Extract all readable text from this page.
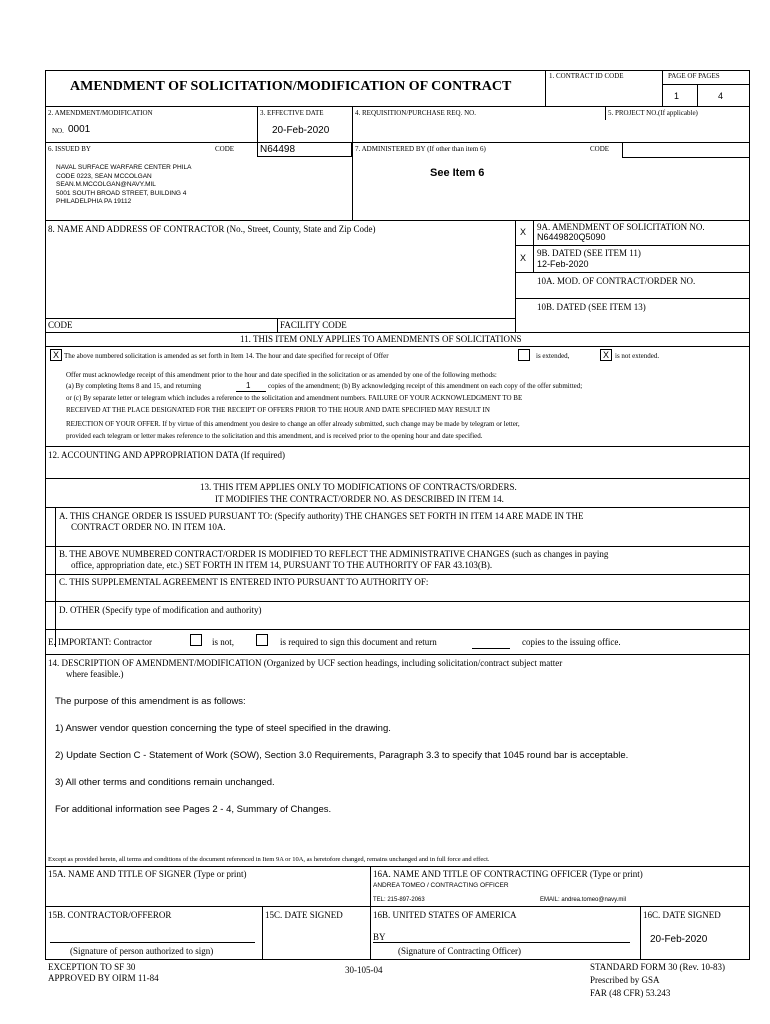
AMENDMENT OF SOLICITATION/MODIFICATION OF CONTRACT
1. CONTRACT ID CODE	PAGE OF PAGES
1	4
2. AMENDMENT/MODIFICATION
NO. 0001
3. EFFECTIVE DATE
20-Feb-2020
4. REQUISITION/PURCHASE REQ. NO.	5. PROJECT NO.(If applicable)
6. ISSUED BY	CODE	N64498	7. ADMINISTERED BY (If other than item 6)	CODE
NAVAL SURFACE WARFARE CENTER PHILA
CODE 0223, SEAN MCCOLGAN
SEAN.M.MCCOLGAN@NAVY.MIL
5001 SOUTH BROAD STREET, BUILDING 4
PHILADELPHIA PA 19112
See Item 6
8. NAME AND ADDRESS OF CONTRACTOR (No., Street, County, State and Zip Code)	X 9A. AMENDMENT OF SOLICITATION NO.
N6449820Q5090
X 9B. DATED (SEE ITEM 11)
12-Feb-2020
10A. MOD. OF CONTRACT/ORDER NO.
10B. DATED (SEE ITEM 13)
CODE	FACILITY CODE
11. THIS ITEM ONLY APPLIES TO AMENDMENTS OF SOLICITATIONS
X The above numbered solicitation is amended as set forth in Item 14. The hour and date specified for receipt of Offer	is extended,	X is not extended.
Offer must acknowledge receipt of this amendment prior to the hour and date specified in the solicitation or as amended by one of the following methods:
(a) By completing Items 8 and 15, and returning	1	copies of the amendment; (b) By acknowledging receipt of this amendment on each copy of the offer submitted;
or (c) By separate letter or telegram which includes a reference to the solicitation and amendment numbers. FAILURE OF YOUR ACKNOWLEDGMENT TO BE
RECEIVED AT THE PLACE DESIGNATED FOR THE RECEIPT OF OFFERS PRIOR TO THE HOUR AND DATE SPECIFIED MAY RESULT IN
REJECTION OF YOUR OFFER. If by virtue of this amendment you desire to change an offer already submitted, such change may be made by telegram or letter,
provided each telegram or letter makes reference to the solicitation and this amendment, and is received prior to the opening hour and date specified.
12. ACCOUNTING AND APPROPRIATION DATA (If required)
13. THIS ITEM APPLIES ONLY TO MODIFICATIONS OF CONTRACTS/ORDERS.
IT MODIFIES THE CONTRACT/ORDER NO. AS DESCRIBED IN ITEM 14.
A. THIS CHANGE ORDER IS ISSUED PURSUANT TO: (Specify authority) THE CHANGES SET FORTH IN ITEM 14 ARE MADE IN THE
CONTRACT ORDER NO. IN ITEM 10A.
B. THE ABOVE NUMBERED CONTRACT/ORDER IS MODIFIED TO REFLECT THE ADMINISTRATIVE CHANGES (such as changes in paying
office, appropriation date, etc.) SET FORTH IN ITEM 14, PURSUANT TO THE AUTHORITY OF FAR 43.103(B).
C. THIS SUPPLEMENTAL AGREEMENT IS ENTERED INTO PURSUANT TO AUTHORITY OF:
D. OTHER (Specify type of modification and authority)
E. IMPORTANT: Contractor	is not,	is required to sign this document and return	copies to the issuing office.
14. DESCRIPTION OF AMENDMENT/MODIFICATION (Organized by UCF section headings, including solicitation/contract subject matter
where feasible.)
The purpose of this amendment is as follows:
1) Answer vendor question concerning the type of steel specified in the drawing.
2) Update Section C - Statement of Work (SOW), Section 3.0 Requirements, Paragraph 3.3 to specify that 1045 round bar is acceptable.
3) All other terms and conditions remain unchanged.
For additional information see Pages 2 - 4, Summary of Changes.
Except as provided herein, all terms and conditions of the document referenced in Item 9A or 10A, as heretofore changed, remains unchanged and in full force and effect.
15A. NAME AND TITLE OF SIGNER (Type or print)	16A. NAME AND TITLE OF CONTRACTING OFFICER (Type or print)
ANDREA TOMEO / CONTRACTING OFFICER
TEL: 215-897-2063	EMAIL: andrea.tomeo@navy.mil
15B. CONTRACTOR/OFFEROR	15C. DATE SIGNED	16B. UNITED STATES OF AMERICA	16C. DATE SIGNED
BY	20-Feb-2020
(Signature of person authorized to sign)	(Signature of Contracting Officer)
EXCEPTION TO SF 30
APPROVED BY OIRM 11-84
30-105-04	STANDARD FORM 30 (Rev. 10-83)
Prescribed by GSA
FAR (48 CFR) 53.243
